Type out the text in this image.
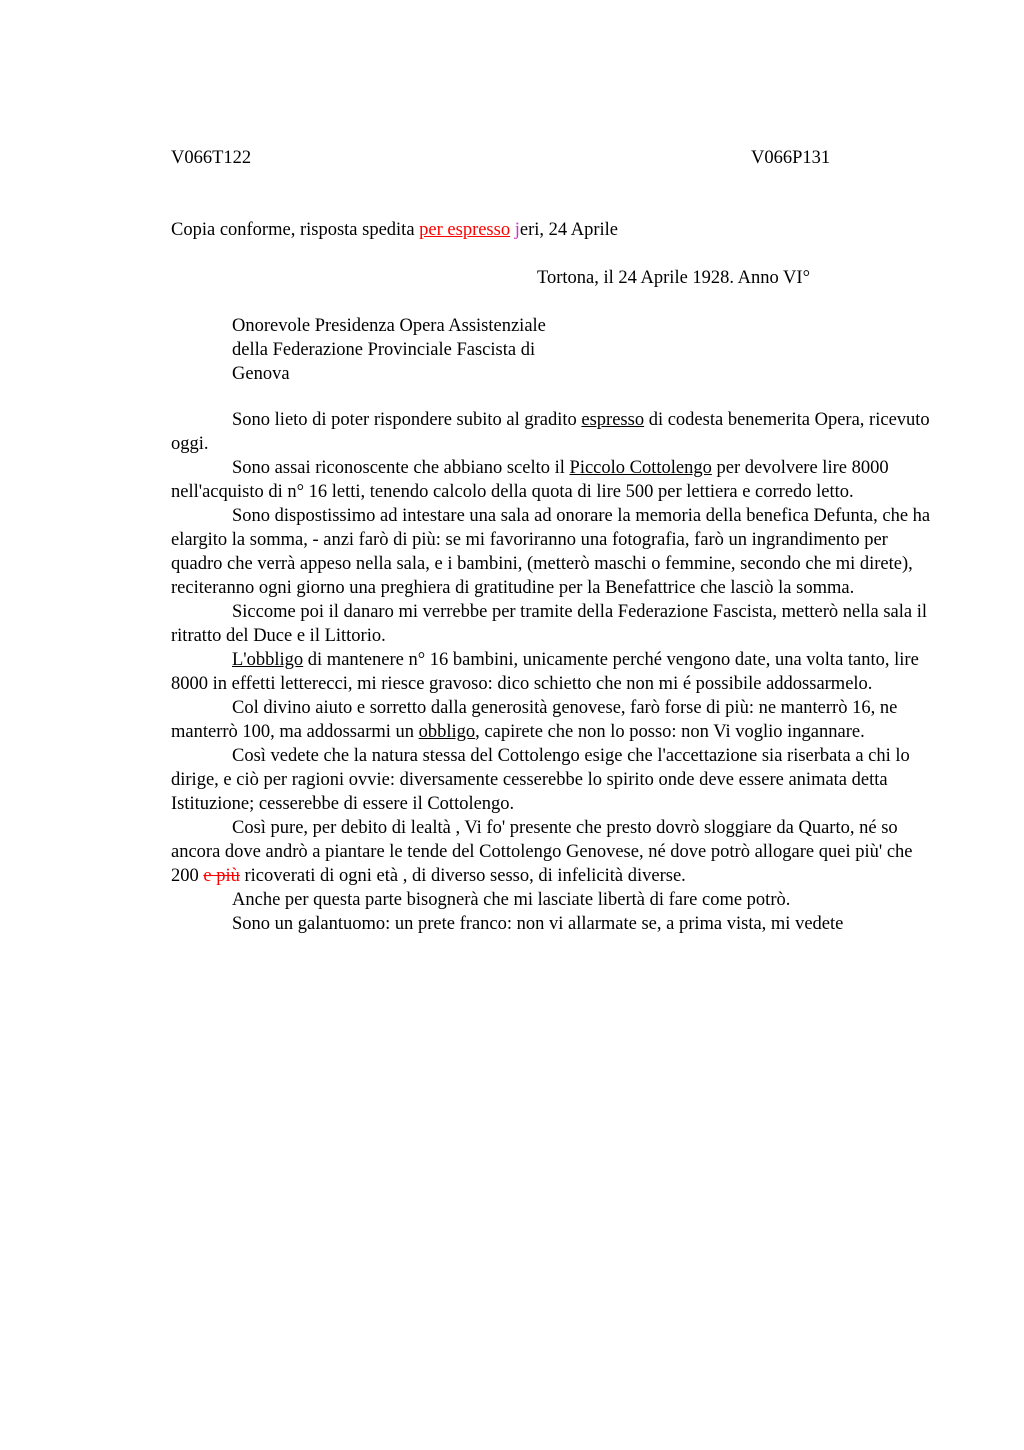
V066T122	V066P131
Copia conforme, risposta spedita per espresso jeri, 24 Aprile
Tortona, il 24 Aprile 1928. Anno VI°
Onorevole Presidenza Opera Assistenziale
della Federazione Provinciale Fascista di
Genova

Sono lieto di poter rispondere subito al gradito espresso di codesta benemerita Opera, ricevuto oggi.

Sono assai riconoscente che abbiano scelto il Piccolo Cottolengo per devolvere lire 8000 nell'acquisto di n° 16 letti, tenendo calcolo della quota di lire 500 per lettiera e corredo letto.

Sono dispostissimo ad intestare una sala ad onorare la memoria della benefica Defunta, che ha elargito la somma, - anzi farò di più: se mi favoriranno una fotografia, farò un ingrandimento per quadro che verrà appeso nella sala, e i bambini, (metterò maschi o femmine, secondo che mi direte), reciteranno ogni giorno una preghiera di gratitudine per la Benefattrice che lasciò la somma.

Siccome poi il danaro mi verrebbe per tramite della Federazione Fascista, metterò nella sala il ritratto del Duce e il Littorio.

L'obbligo di mantenere n° 16 bambini, unicamente perché vengono date, una volta tanto, lire 8000 in effetti letterecci, mi riesce gravoso: dico schietto che non mi é possibile addossarmelo.

Col divino aiuto e sorretto dalla generosità genovese, farò forse di più: ne manterrò 16, ne manterrò 100, ma addossarmi un obbligo, capirete che non lo posso: non Vi voglio ingannare.

Così vedete che la natura stessa del Cottolengo esige che l'accettazione sia riserbata a chi lo dirige, e ciò per ragioni ovvie: diversamente cesserebbe lo spirito onde deve essere animata detta Istituzione; cesserebbe di essere il Cottolengo.

Così pure, per debito di lealtà , Vi fo' presente che presto dovrò sloggiare da Quarto, né so ancora dove andrò a piantare le tende del Cottolengo Genovese, né dove potrò allogare quei più' che 200 e più ricoverati di ogni età , di diverso sesso, di infelicità diverse.

Anche per questa parte bisognerà che mi lasciate libertà di fare come potrò.

Sono un galantuomo: un prete franco: non vi allarmate se, a prima vista, mi vedete
